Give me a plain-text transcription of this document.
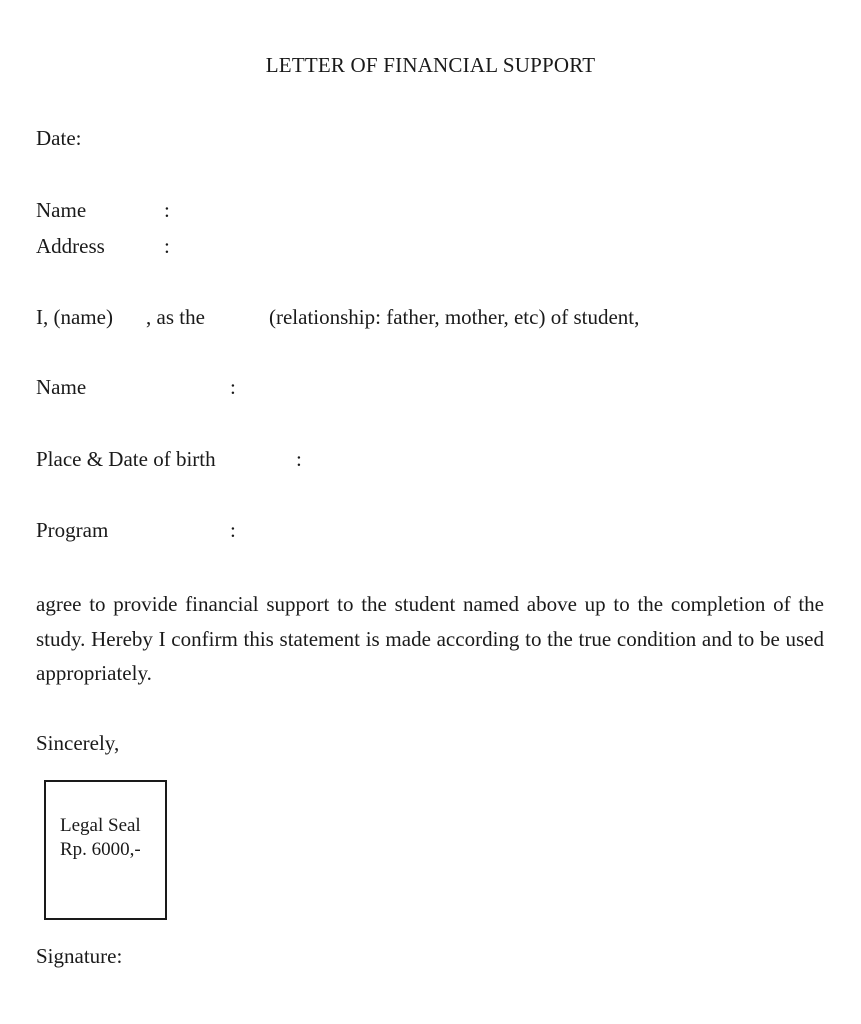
LETTER OF FINANCIAL SUPPORT
Date:
Name	:
Address	:
I, (name) , as the	(relationship: father, mother, etc) of student,
Name	:
Place & Date of birth	:
Program	:
agree to provide financial support to the student named above up to the completion of the study. Hereby I confirm this statement is made according to the true condition and to be used appropriately.
Sincerely,
Legal Seal
Rp. 6000,-
Signature:
